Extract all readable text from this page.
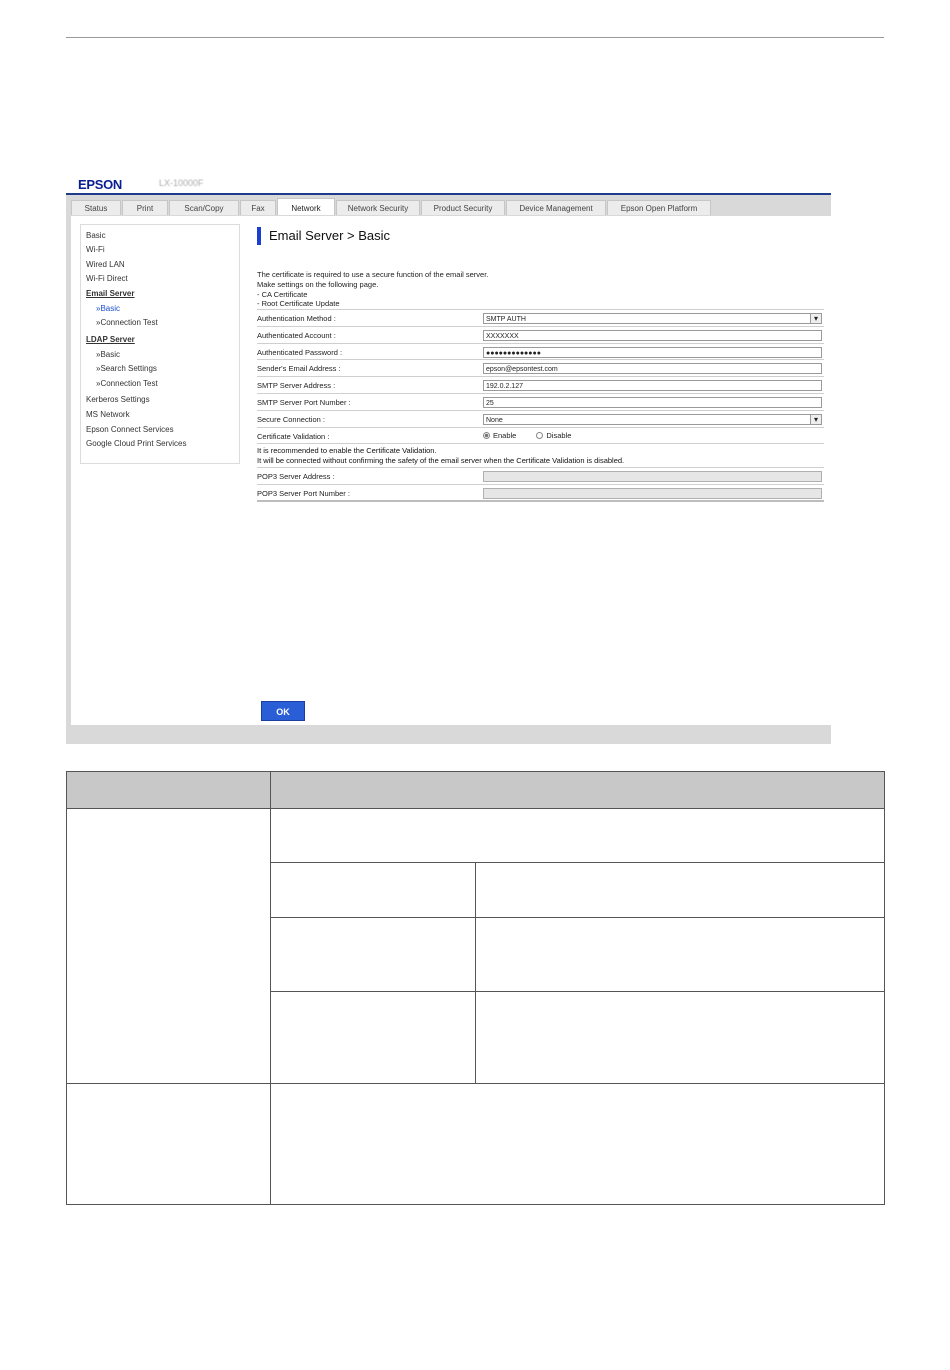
EPSON	LX-10000F
Status	Print	Scan/Copy	Fax	Network	Network Security	Product Security	Device Management	Epson Open Platform
Basic
Wi-Fi
Wired LAN
Wi-Fi Direct
Email Server
»Basic
»Connection Test
LDAP Server
»Basic
»Search Settings
»Connection Test
Kerberos Settings
MS Network
Epson Connect Services
Google Cloud Print Services
Email Server > Basic
The certificate is required to use a secure function of the email server.
Make settings on the following page.
- CA Certificate
- Root Certificate Update
Authentication Method :	SMTP AUTH ▾
Authenticated Account :	XXXXXXX
Authenticated Password :	●●●●●●●●●●●●●
Sender's Email Address :	epson@epsontest.com
SMTP Server Address :	192.0.2.127
SMTP Server Port Number :	25
Secure Connection :	None ▾
Certificate Validation :	Enable	Disable
It is recommended to enable the Certificate Validation.
It will be connected without confirming the safety of the email server when the Certificate Validation is disabled.
POP3 Server Address :
POP3 Server Port Number :
OK
